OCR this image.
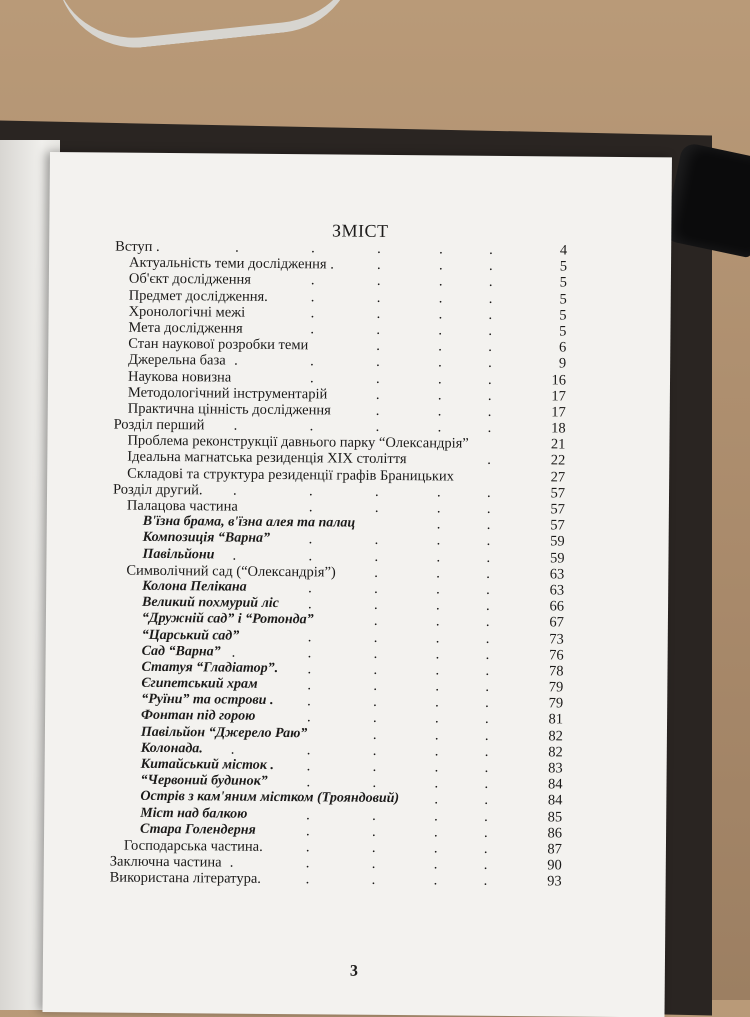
ЗМІСТ
Вступ .	.	.	.	.	.	4
Актуальність теми дослідження .	.	.	.	5
Об'єкт дослідження	.	.	.	.	5
Предмет дослідження.	.	.	.	.	5
Хронологічні межі	.	.	.	.	5
Мета дослідження	.	.	.	.	5
Стан наукової розробки теми	.	.	.	6
Джерельна база .	.	.	.	.	9
Наукова новизна	.	.	.	.	16
Методологічний інструментарій	.	.	.	17
Практична цінність дослідження	.	.	.	17
Розділ перший .	.	.	.	.	18
Проблема реконструкції давнього парку “Олександрія”	21
Ідеальна магнатська резиденція XIX століття	.	22
Складові та структура резиденції графів Браницьких	27
Розділ другий. .	.	.	.	.	57
Палацова частина	.	.	.	.	57
В'їзна брама, в'їзна алея та палац	.	.	57
Композиція “Варна”	.	.	.	.	59
Павільйони .	.	.	.	.	59
Символічний сад (“Олександрія”)	.	.	.	63
Колона Пелікана	.	.	.	.	63
Великий похмурий ліс .	.	.	.	66
“Дружній сад” і “Ротонда”	.	.	.	67
“Царський сад”	.	.	.	.	73
Сад “Варна” .	.	.	.	.	76
Статуя “Гладіатор”. .	.	.	.	78
Єгипетський храм	.	.	.	.	79
“Руїни” та острови . .	.	.	.	79
Фонтан під горою	.	.	.	.	81
Павільйон “Джерело Раю”	.	.	.	82
Колонада. .	.	.	.	.	82
Китайський місток . .	.	.	.	83
“Червоний будинок”	.	.	.	.	84
Острів з кам'яним містком (Трояндовий) .	.	84
Міст над балкою	.	.	.	.	85
Стара Голендерня	.	.	.	.	86
Господарська частина.	.	.	.	.	87
Заключна частина .	.	.	.	.	90
Використана література.	.	.	.	.	93
3
